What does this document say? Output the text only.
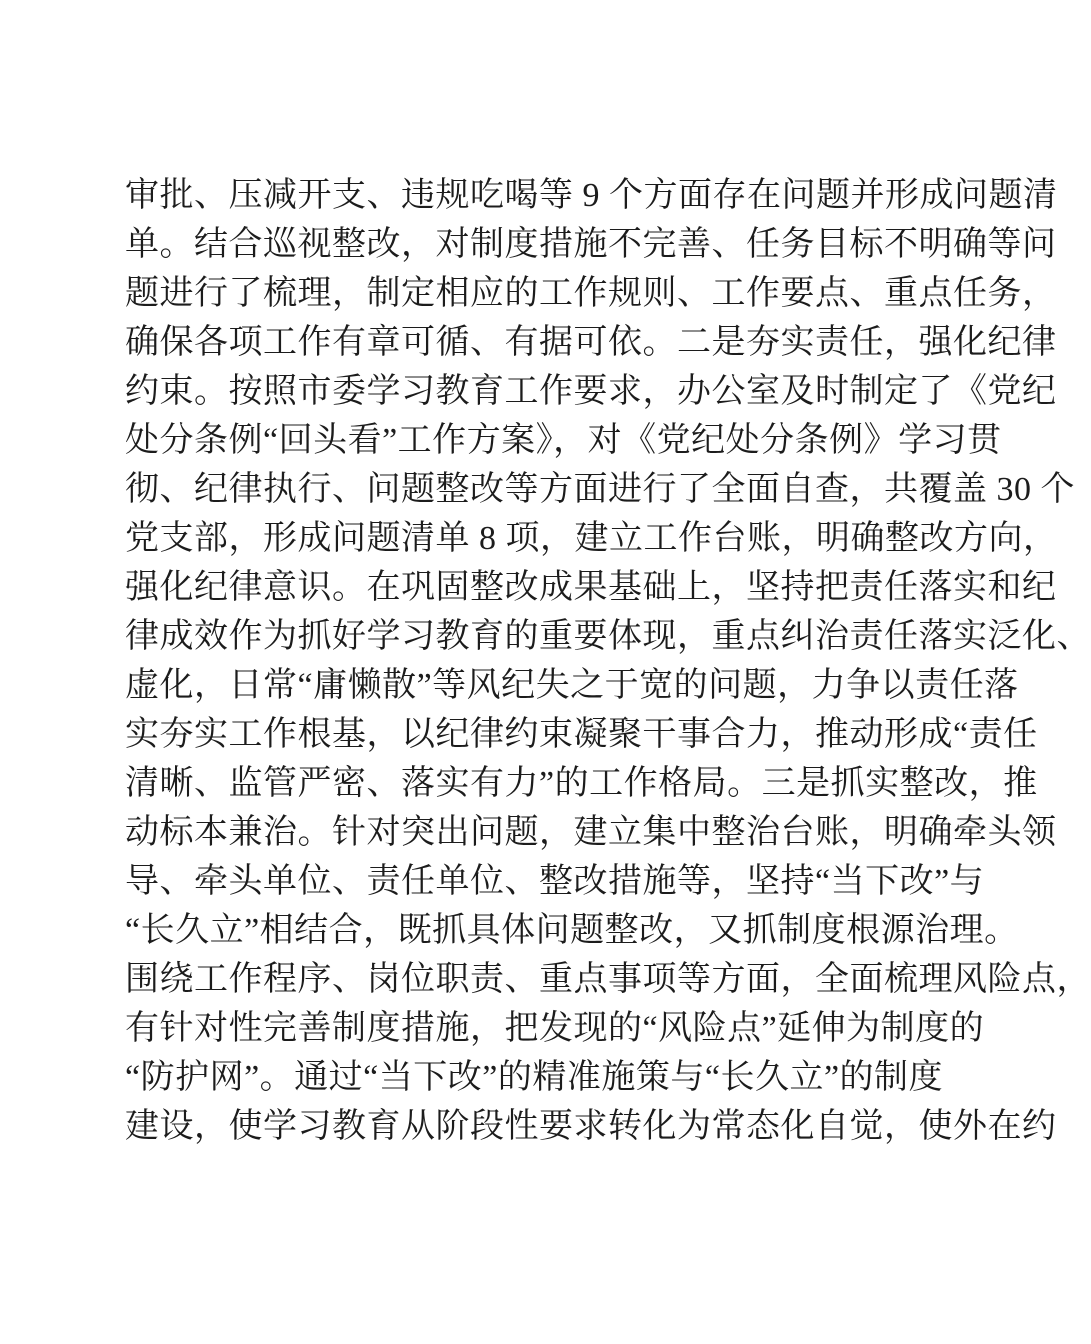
审批、压减开支、违规吃喝等 9 个方面存在问题并形成问题清
单。结合巡视整改，对制度措施不完善、任务目标不明确等问
题进行了梳理，制定相应的工作规则、工作要点、重点任务，
确保各项工作有章可循、有据可依。二是夯实责任，强化纪律
约束。按照市委学习教育工作要求，办公室及时制定了《党纪
处分条例“回头看”工作方案》，对《党纪处分条例》学习贯
彻、纪律执行、问题整改等方面进行了全面自查，共覆盖 30 个
党支部，形成问题清单 8 项，建立工作台账，明确整改方向，
强化纪律意识。在巩固整改成果基础上，坚持把责任落实和纪
律成效作为抓好学习教育的重要体现，重点纠治责任落实泛化、
虚化，日常“庸懒散”等风纪失之于宽的问题，力争以责任落
实夯实工作根基，以纪律约束凝聚干事合力，推动形成“责任
清晰、监管严密、落实有力”的工作格局。三是抓实整改，推
动标本兼治。针对突出问题，建立集中整治台账，明确牵头领
导、牵头单位、责任单位、整改措施等，坚持“当下改”与
“长久立”相结合，既抓具体问题整改，又抓制度根源治理。
围绕工作程序、岗位职责、重点事项等方面，全面梳理风险点，
有针对性完善制度措施，把发现的“风险点”延伸为制度的
“防护网”。通过“当下改”的精准施策与“长久立”的制度
建设，使学习教育从阶段性要求转化为常态化自觉，使外在约
